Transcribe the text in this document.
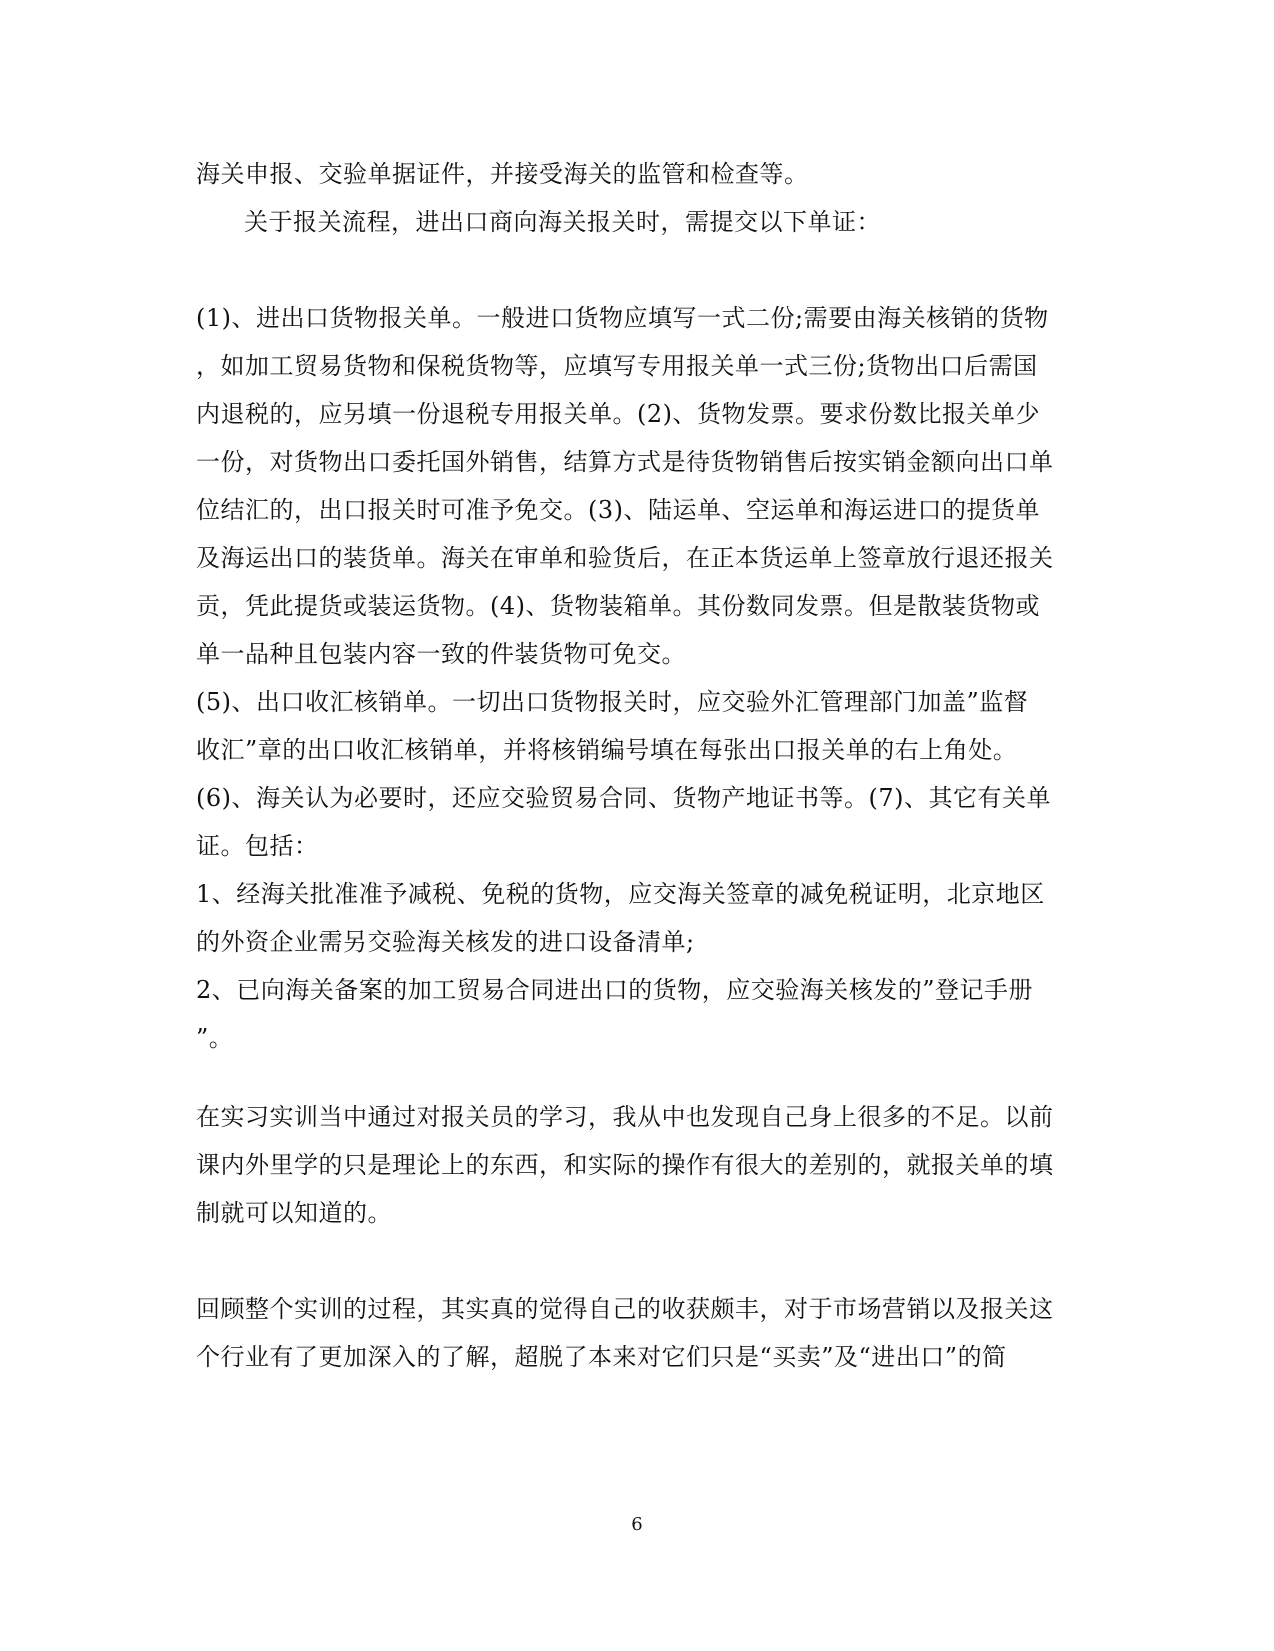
海关申报、交验单据证件，并接受海关的监管和检查等。
关于报关流程，进出口商向海关报关时，需提交以下单证：
(1)、进出口货物报关单。一般进口货物应填写一式二份;需要由海关核销的货物
，如加工贸易货物和保税货物等，应填写专用报关单一式三份;货物出口后需国
内退税的，应另填一份退税专用报关单。(2)、货物发票。要求份数比报关单少
一份，对货物出口委托国外销售，结算方式是待货物销售后按实销金额向出口单
位结汇的，出口报关时可准予免交。(3)、陆运单、空运单和海运进口的提货单
及海运出口的装货单。海关在审单和验货后，在正本货运单上签章放行退还报关
贡，凭此提货或装运货物。(4)、货物装箱单。其份数同发票。但是散装货物或
单一品种且包装内容一致的件装货物可免交。
(5)、出口收汇核销单。一切出口货物报关时，应交验外汇管理部门加盖”监督
收汇”章的出口收汇核销单，并将核销编号填在每张出口报关单的右上角处。
(6)、海关认为必要时，还应交验贸易合同、货物产地证书等。(7)、其它有关单
证。包括：
1、经海关批准准予减税、免税的货物，应交海关签章的减免税证明，北京地区
的外资企业需另交验海关核发的进口设备清单;
2、已向海关备案的加工贸易合同进出口的货物，应交验海关核发的”登记手册
”。
在实习实训当中通过对报关员的学习，我从中也发现自己身上很多的不足。以前
课内外里学的只是理论上的东西，和实际的操作有很大的差别的，就报关单的填
制就可以知道的。
回顾整个实训的过程，其实真的觉得自己的收获颇丰，对于市场营销以及报关这
个行业有了更加深入的了解，超脱了本来对它们只是“买卖”及“进出口”的简
6
